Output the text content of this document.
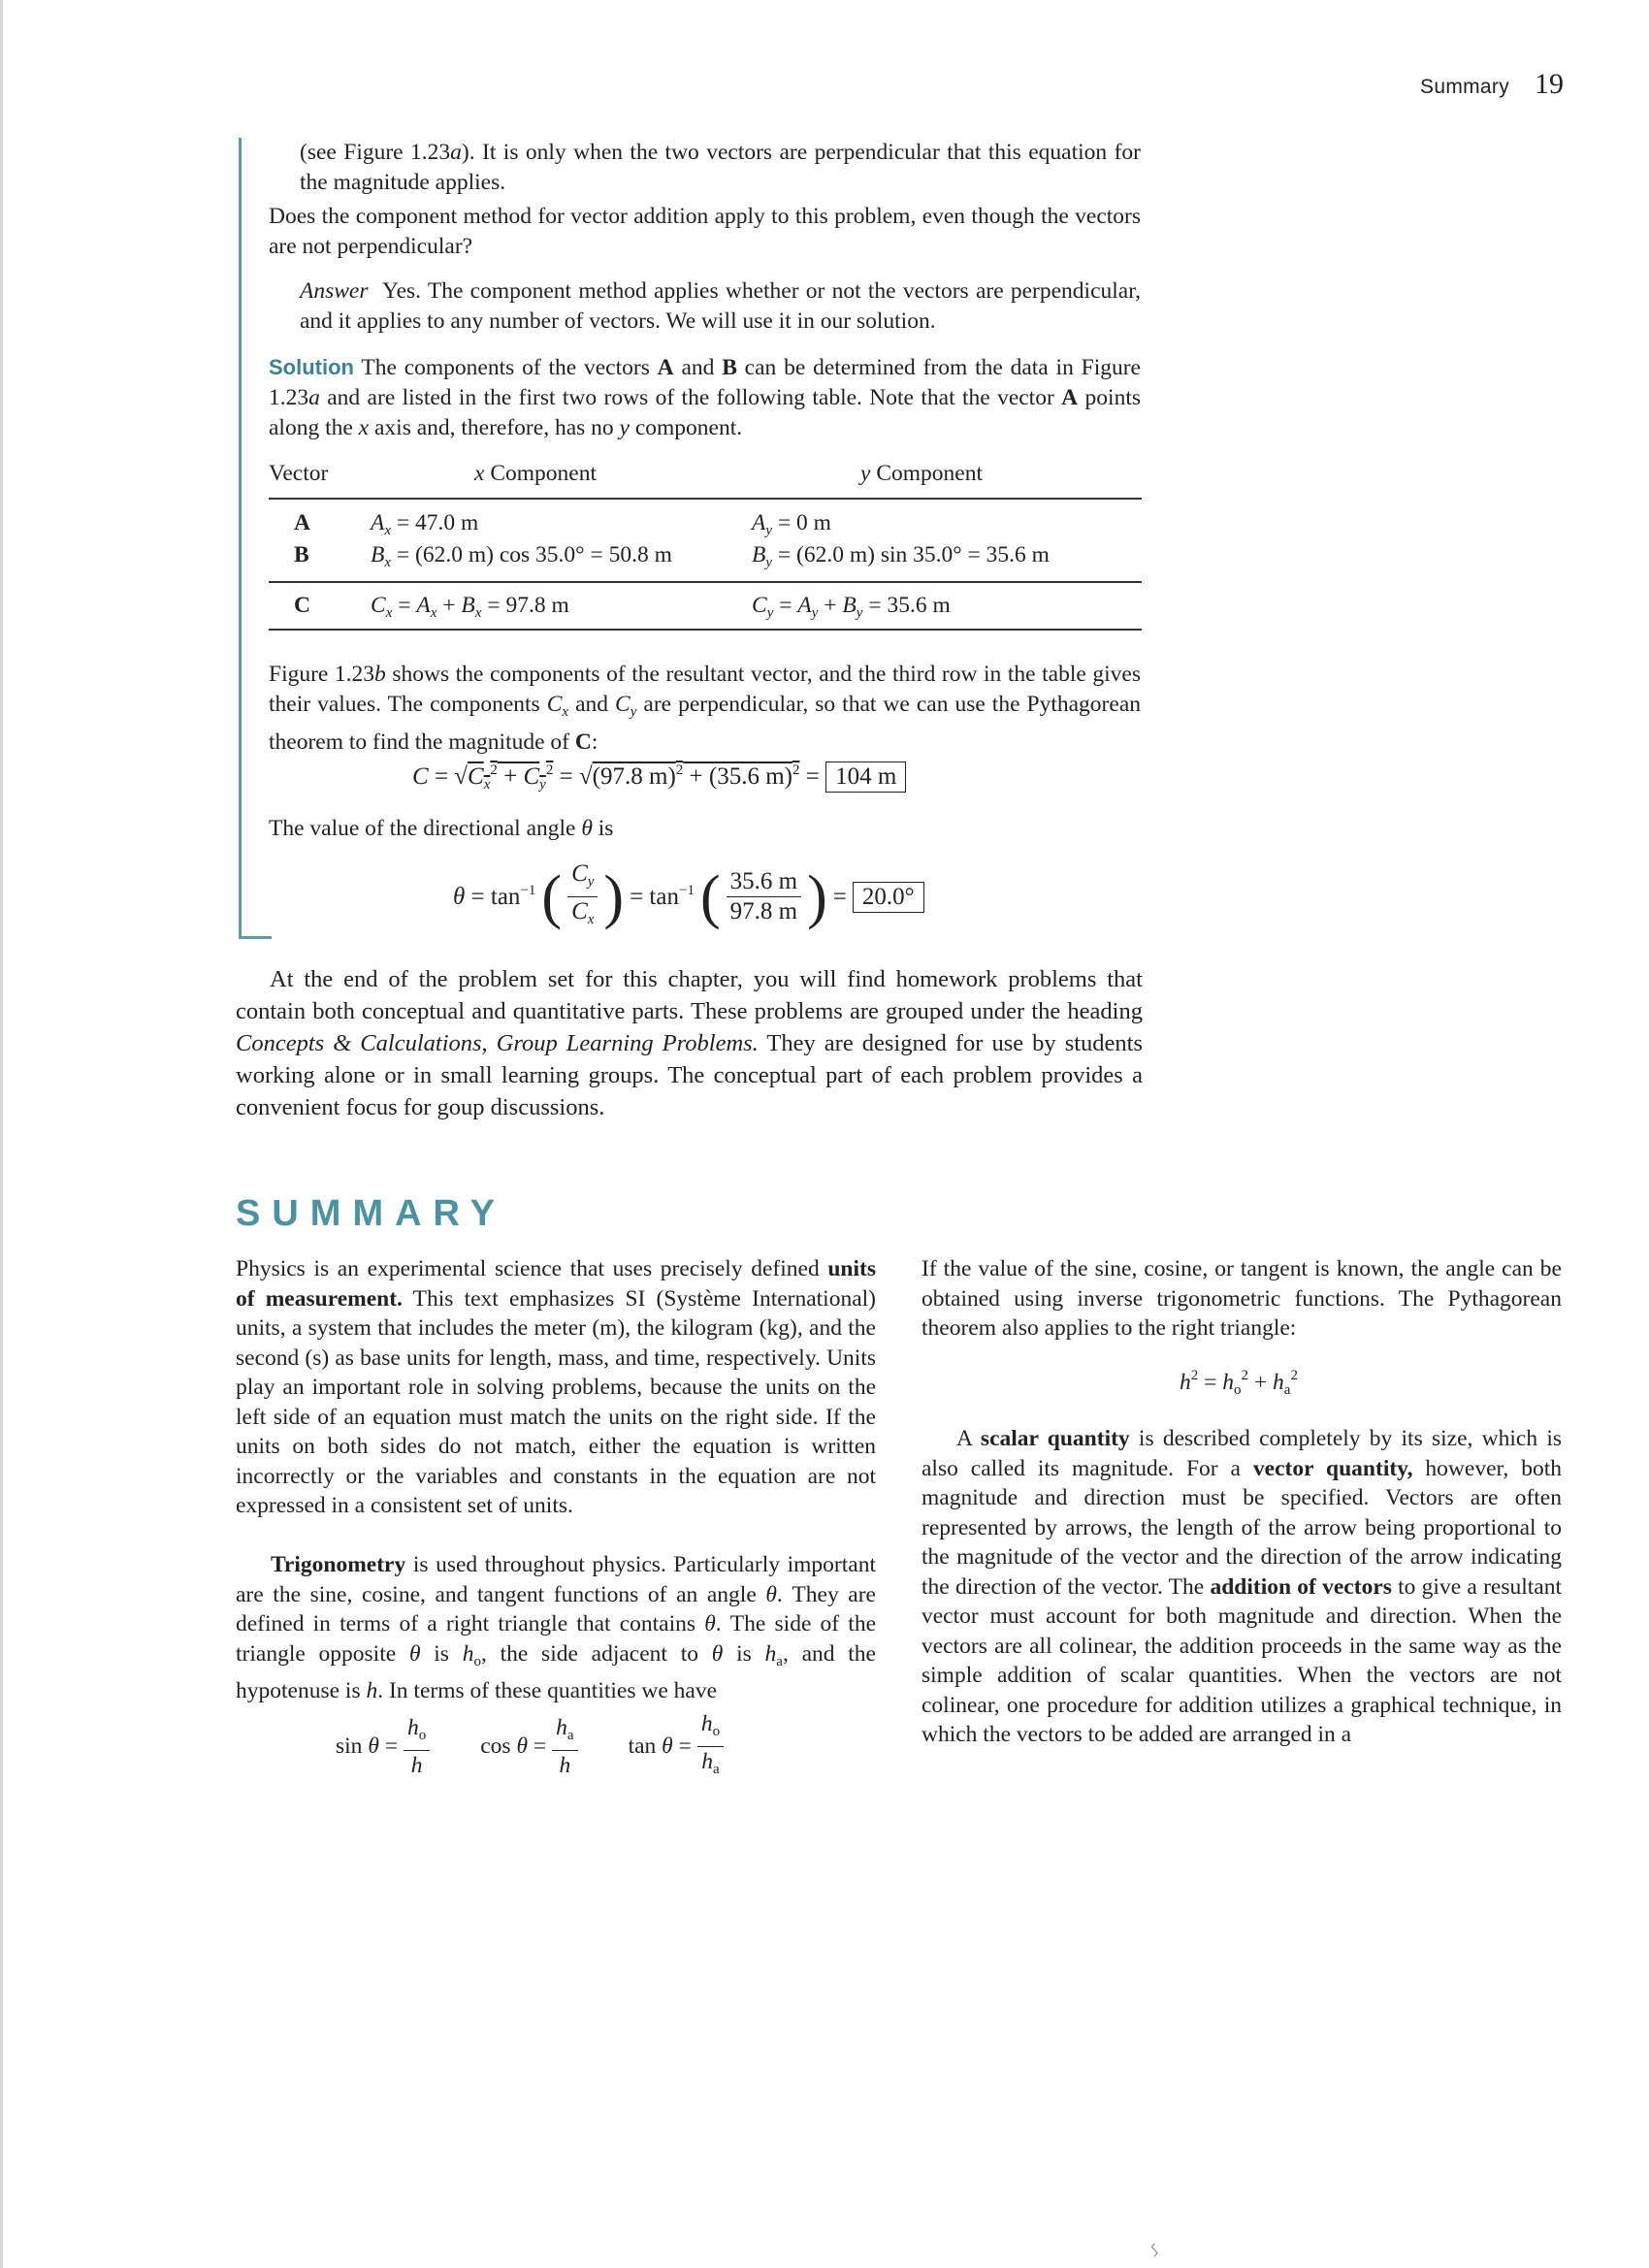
Summary 19

(see Figure 1.23a). It is only when the two vectors are perpendicular that this equation for the magnitude applies.

Does the component method for vector addition apply to this problem, even though the vectors are not perpendicular?

Answer  Yes. The component method applies whether or not the vectors are perpendicular, and it applies to any number of vectors. We will use it in our solution.

Solution The components of the vectors A and B can be determined from the data in Figure 1.23a and are listed in the first two rows of the following table. Note that the vector A points along the x axis and, therefore, has no y component.

Vector	x Component	y Component
A	$A_x = 47.0$ m	$A_y = 0$ m
B	$B_x = (62.0$ m) cos 35.0° = 50.8 m	$B_y = (62.0$ m) sin 35.0° = 35.6 m
C	$C_x = A_x + B_x = 97.8$ m	$C_y = A_y + B_y = 35.6$ m

Figure 1.23b shows the components of the resultant vector, and the third row in the table gives their values. The components $C_x$ and $C_y$ are perpendicular, so that we can use the Pythagorean theorem to find the magnitude of C:

$C = √C_x^2 + C_y^2 = √(97.8$ m)$^2$ + (35.6 m)$^2$ = 104 m

The value of the directional angle θ is

$\theta = \tan^{-1}$ ( $\frac{C_y}{C_x}$ ) = $\tan^{-1}$ ( $\frac{35.6 m}{97.8 m}$ ) = 20.0°

At the end of the problem set for this chapter, you will find homework problems that contain both conceptual and quantitative parts. These problems are grouped under the heading Concepts & Calculations, Group Learning Problems. They are designed for use by students working alone or in small learning groups. The conceptual part of each problem provides a convenient focus for goup discussions.

SUMMARY

Physics is an experimental science that uses precisely defined units of measurement. This text emphasizes SI (Système International) units, a system that includes the meter (m), the kilogram (kg), and the second (s) as base units for length, mass, and time, respectively. Units play an important role in solving problems, because the units on the left side of an equation must match the units on the right side. If the units on both sides do not match, either the equation is written incorrectly or the variables and constants in the equation are not expressed in a consistent set of units.

Trigonometry is used throughout physics. Particularly important are the sine, cosine, and tangent functions of an angle θ. They are defined in terms of a right triangle that contains θ. The side of the triangle opposite θ is $h_o$, the side adjacent to θ is $h_a$, and the hypotenuse is h. In terms of these quantities we have

$\sin \theta = \frac{h_o}{h}$ $\cos \theta = \frac{h_a}{h}$ $\tan \theta = \frac{h_o}{h_a}$

If the value of the sine, cosine, or tangent is known, the angle can be obtained using inverse trigonometric functions. The Pythagorean theorem also applies to the right triangle:

$h^2 = h_o^2 + h_a^2$

A scalar quantity is described completely by its size, which is also called its magnitude. For a vector quantity, however, both magnitude and direction must be specified. Vectors are often represented by arrows, the length of the arrow being proportional to the magnitude of the vector and the direction of the arrow indicating the direction of the vector. The addition of vectors to give a resultant vector must account for both magnitude and direction. When the vectors are all colinear, the addition proceeds in the same way as the simple addition of scalar quantities. When the vectors are not colinear, one procedure for addition utilizes a graphical technique, in which the vectors to be added are arranged in a

ᛊ
